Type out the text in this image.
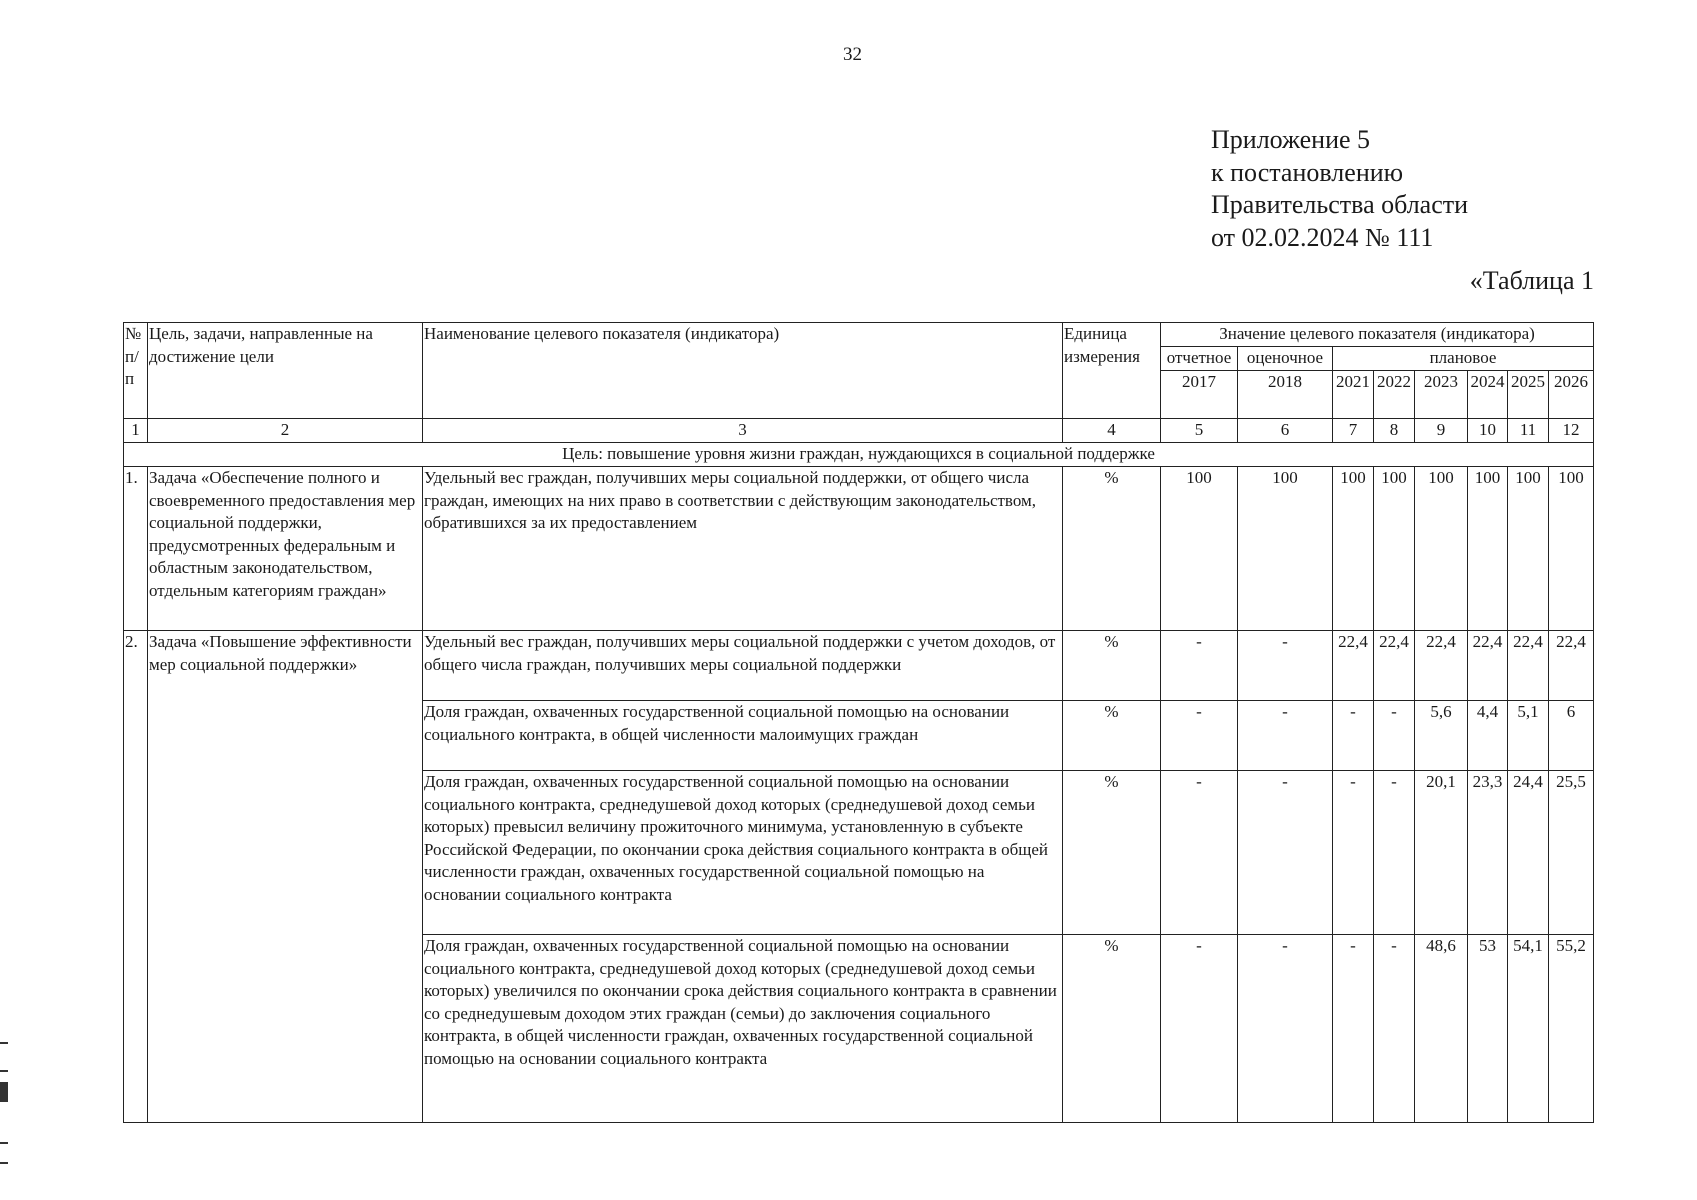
32
Приложение 5
к постановлению
Правительства области
от 02.02.2024 № 111
«Таблица 1
№ п/п	Цель, задачи, направленные на достижение цели	Наименование целевого показателя (индикатора)	Единица измерения	Значение целевого показателя (индикатора)							
				отчетное	оценочное	плановое					
				2017	2018	2021	2022	2023	2024	2025	2026
1	2	3	4	5	6	7	8	9	10	11	12
Цель: повышение уровня жизни граждан, нуждающихся в социальной поддержке											
1.	Задача «Обеспечение полного и своевременного предоставления мер социальной поддержки, предусмотренных федеральным и областным законодательством, отдельным категориям граждан»	Удельный вес граждан, получивших меры социальной поддержки, от общего числа граждан, имеющих на них право в соответствии с действующим законодательством, обратившихся за их предоставлением	%	100	100	100	100	100	100	100	100
2.	Задача «Повышение эффективности мер социальной поддержки»	Удельный вес граждан, получивших меры социальной поддержки с учетом доходов, от общего числа граждан, получивших меры социальной поддержки	%	-	-	22,4	22,4	22,4	22,4	22,4	22,4
		Доля граждан, охваченных государственной социальной помощью на основании социального контракта, в общей численности малоимущих граждан	%	-	-	-	-	5,6	4,4	5,1	6
		Доля граждан, охваченных государственной социальной помощью на основании социального контракта, среднедушевой доход которых (среднедушевой доход семьи которых) превысил величину прожиточного минимума, установленную в субъекте Российской Федерации, по окончании срока действия социального контракта в общей численности граждан, охваченных государственной социальной помощью на основании социального контракта	%	-	-	-	-	20,1	23,3	24,4	25,5
		Доля граждан, охваченных государственной социальной помощью на основании социального контракта, среднедушевой доход которых (среднедушевой доход семьи которых) увеличился по окончании срока действия социального контракта в сравнении со среднедушевым доходом этих граждан (семьи) до заключения социального контракта, в общей численности граждан, охваченных государственной социальной помощью на основании социального контракта	%	-	-	-	-	48,6	53	54,1	55,2
